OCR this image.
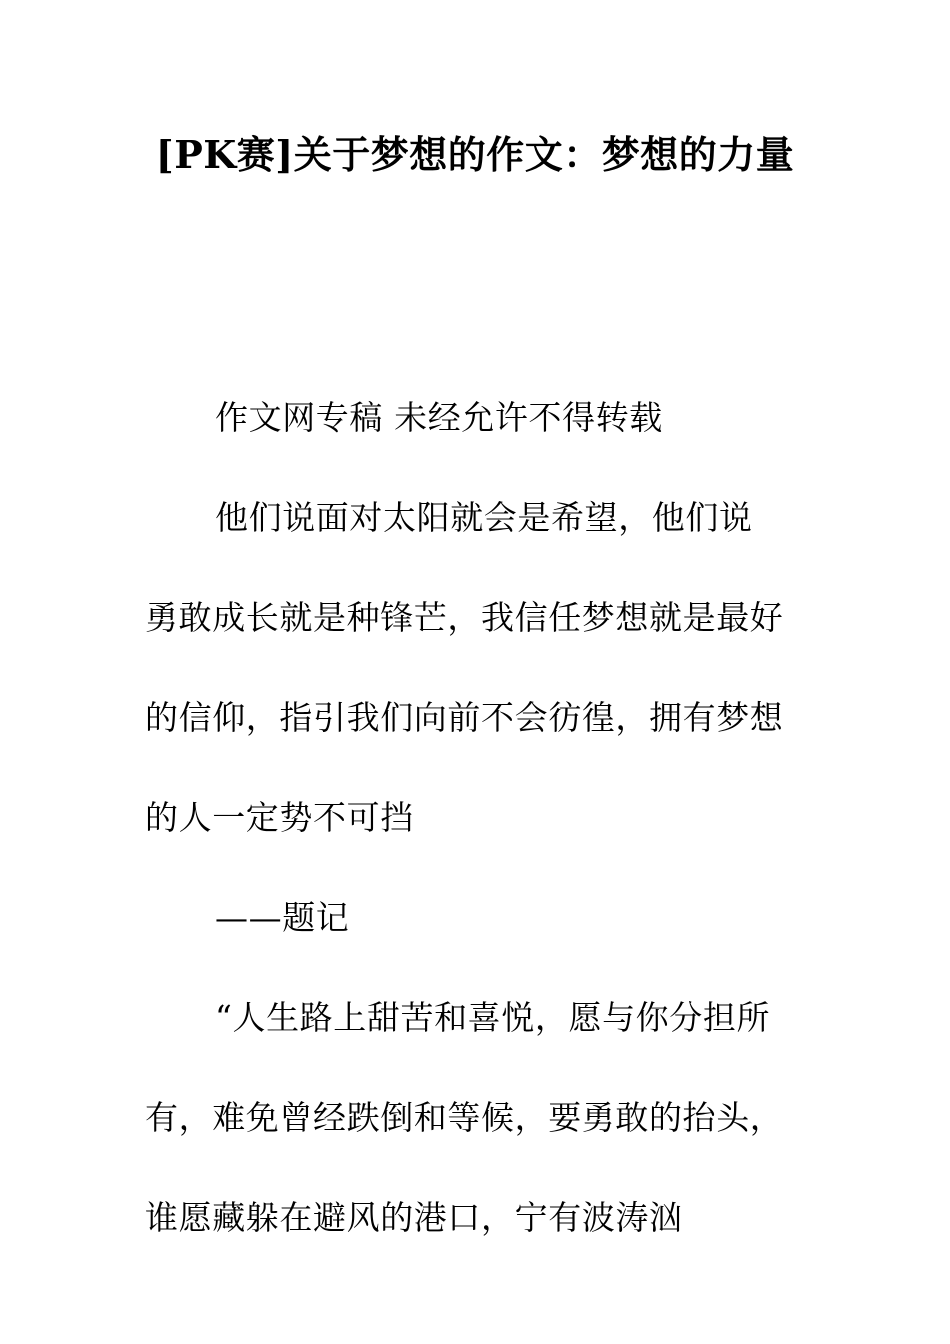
[PK赛]关于梦想的作文：梦想的力量

作文网专稿 未经允许不得转载

他们说面对太阳就会是希望，他们说勇敢成长就是种锋芒，我信任梦想就是最好的信仰，指引我们向前不会彷徨，拥有梦想的人一定势不可挡

——题记

“人生路上甜苦和喜悦，愿与你分担所有，难免曾经跌倒和等候，要勇敢的抬头，谁愿藏躲在避风的港口，宁有波涛汹
